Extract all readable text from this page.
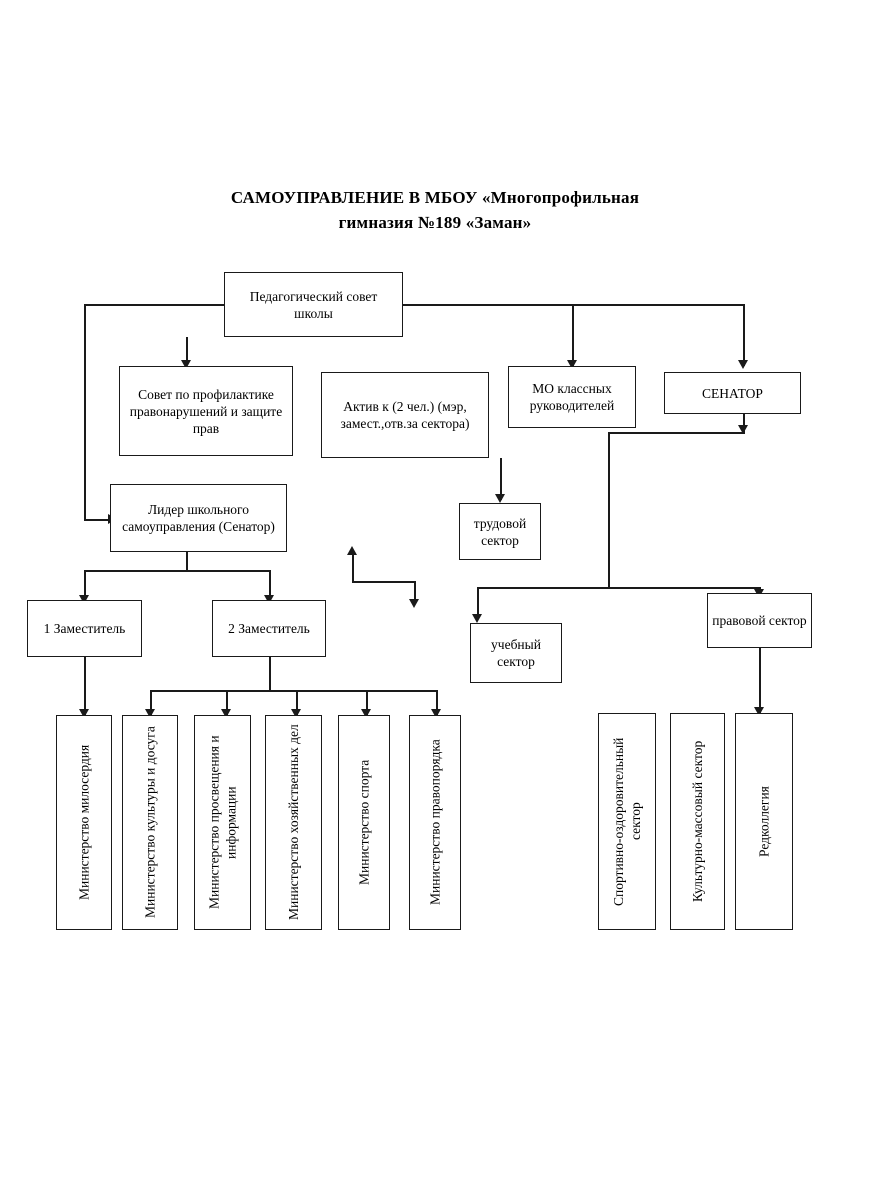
САМОУПРАВЛЕНИЕ В МБОУ «Многопрофильная
гимназия №189 «Заман»
Педагогический совет школы
Совет по профилактике правонарушений и защите прав
Актив к (2 чел.) (мэр, замест.,отв.за сектора)
МО классных руководителей
СЕНАТОР
Лидер школьного самоуправления (Сенатор)
1 Заместитель	2 Заместитель
трудовой сектор
учебный сектор
правовой сектор
Министерство милосердия	Министерство культуры и досуга	Министерство просвещения и информации	Министерство хозяйственных дел	Министерство спорта	Министерство правопорядка	Спортивно-оздоровительный сектор	Культурно-массовый сектор	Редколлегия
